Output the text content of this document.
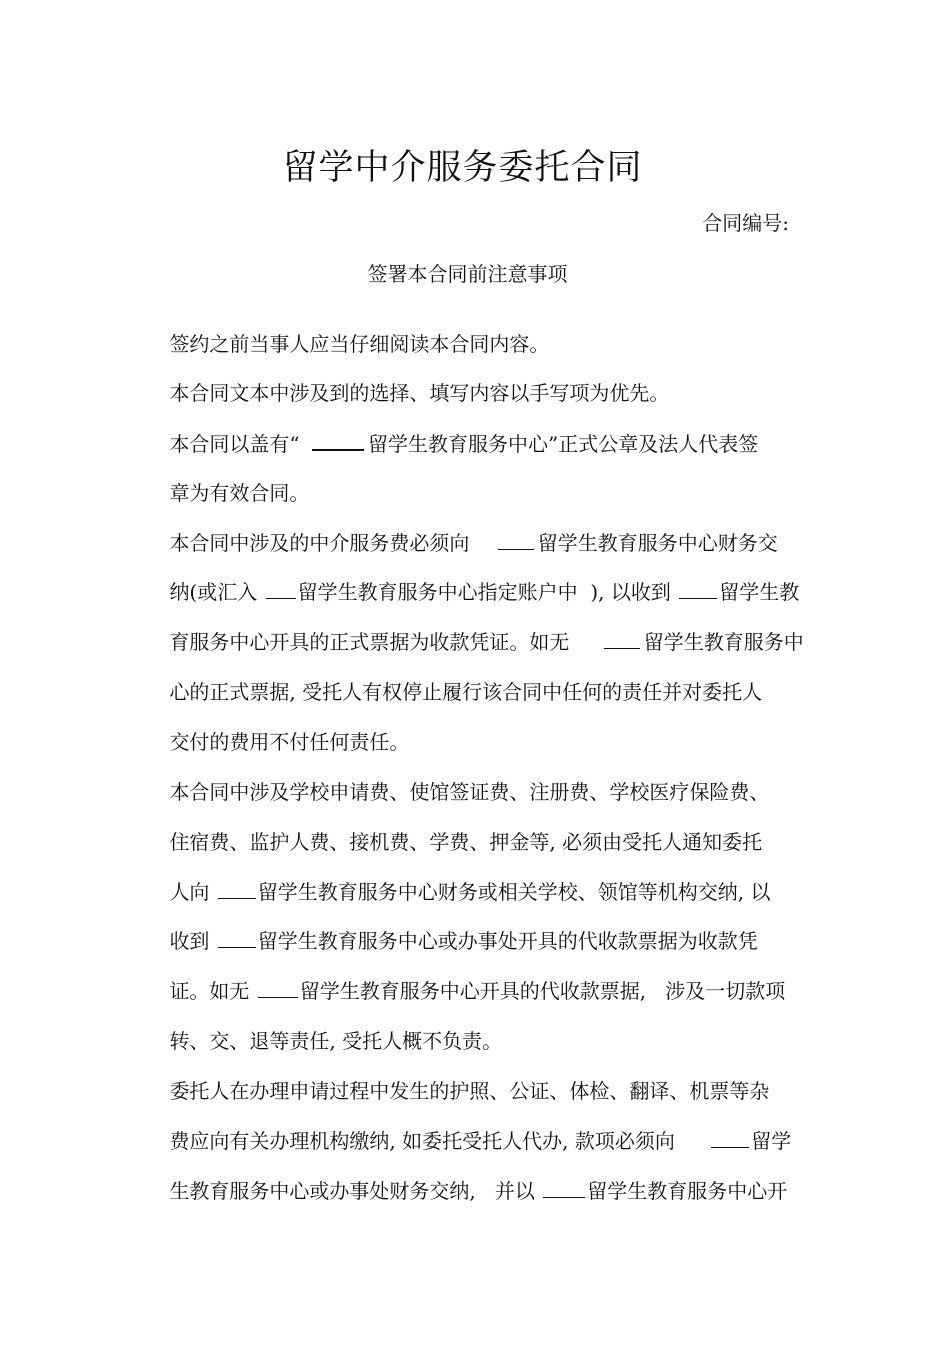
留学中介服务委托合同
合同编号:
签署本合同前注意事项

签约之前当事人应当仔细阅读本合同内容。

本合同文本中涉及到的选择、填写内容以手写项为优先。

本合同以盖有“	留学生教育服务中心”正式公章及法人代表签

章为有效合同。

本合同中涉及的中介服务费必须向	留学生教育服务中心财务交

纳(或汇入 留学生教育服务中心指定账户中  ), 以收到 留学生教

育服务中心开具的正式票据为收款凭证。如无	留学生教育服务中

心的正式票据, 受托人有权停止履行该合同中任何的责任并对委托人

交付的费用不付任何责任。

本合同中涉及学校申请费、使馆签证费、注册费、学校医疗保险费、

住宿费、监护人费、接机费、学费、押金等, 必须由受托人通知委托

人向 留学生教育服务中心财务或相关学校、领馆等机构交纳, 以

收到 留学生教育服务中心或办事处开具的代收款票据为收款凭

证。如无 留学生教育服务中心开具的代收款票据,   涉及一切款项

转、交、退等责任, 受托人概不负责。

委托人在办理申请过程中发生的护照、公证、体检、翻译、机票等杂

费应向有关办理机构缴纳, 如委托受托人代办, 款项必须向	留学

生教育服务中心或办事处财务交纳,   并以 留学生教育服务中心开
